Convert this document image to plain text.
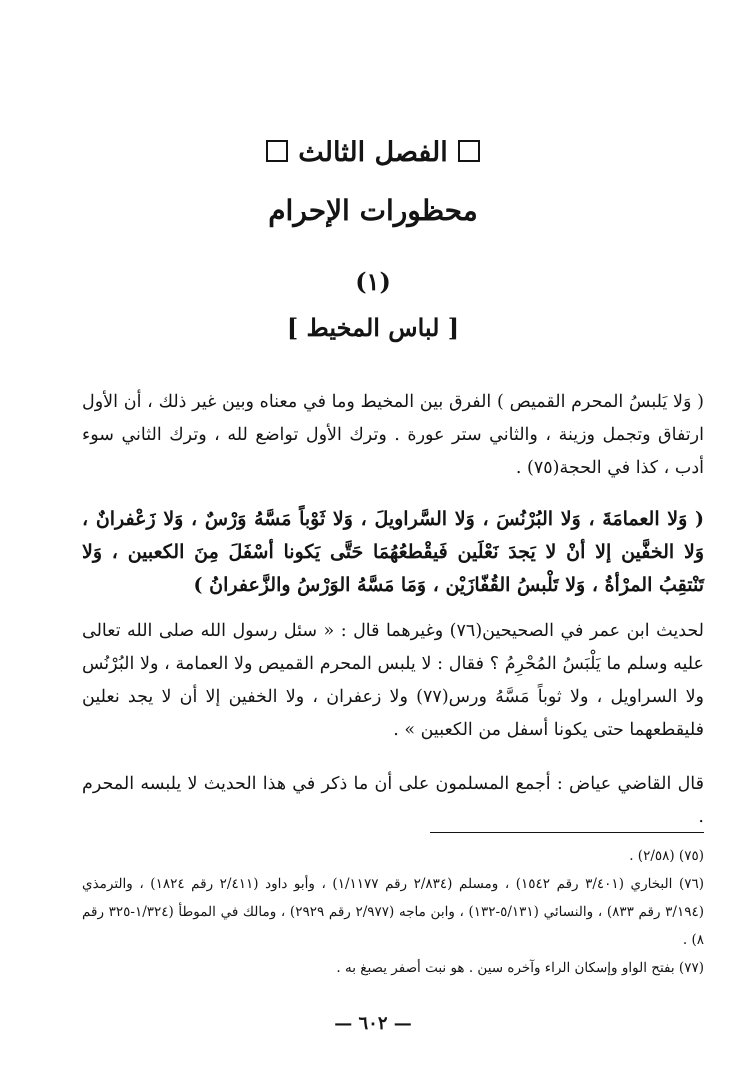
الفصل الثالث
محظورات الإحرام
(١)
[ لباس المخيط ]

( وَلا يَلبسُ المحرم القميص ) الفرق بين المخيط وما في معناه وبين غير ذلك ، أن الأول ارتفاق وتجمل وزينة ، والثاني ستر عورة . وترك الأول تواضع لله ، وترك الثاني سوء أدب ، كذا في الحجة(٧٥) .

( وَلا العمامَةَ ، وَلا البُرْنُسَ ، وَلا السَّراويلَ ، وَلا ثَوْباً مَسَّهُ وَرْسٌ ، وَلا زَعْفرانٌ ، وَلا الخفَّين إلا أنْ لا يَجدَ نَعْلَين فَيقْطعُهُمَا حَتَّى يَكونا أسْفَلَ مِنَ الكعبين ، وَلا تَنْتقِبُ المرْأةُ ، وَلا تَلْبسُ القُفّازَيْن ، وَمَا مَسَّهُ الوَرْسُ والزَّعفرانُ )

لحديث ابن عمر في الصحيحين(٧٦) وغيرهما قال : « سئل رسول الله صلى الله تعالى عليه وسلم ما يَلْبَسُ المُحْرِمُ ؟ فقال : لا يلبس المحرم القميص ولا العمامة ، ولا البُرْنُس ولا السراويل ، ولا ثوباً مَسَّهُ ورس(٧٧) ولا زعفران ، ولا الخفين إلا أن لا يجد نعلين فليقطعهما حتى يكونا أسفل من الكعبين » .

قال القاضي عياض : أجمع المسلمون على أن ما ذكر في هذا الحديث لا يلبسه المحرم .

(٧٥) (٢/٥٨) .

(٧٦) البخاري (٣/٤٠١ رقم ١٥٤٢) ، ومسلم (٢/٨٣٤ رقم ١/١١٧٧) ، وأبو داود (٢/٤١١ رقم ١٨٢٤) ، والترمذي (٣/١٩٤ رقم ٨٣٣) ، والنسائي (٥/١٣١-١٣٢) ، وابن ماجه (٢/٩٧٧ رقم ٢٩٢٩) ، ومالك في الموطأ (١/٣٢٤-٣٢٥ رقم ٨) .

(٧٧) بفتح الواو وإسكان الراء وآخره سين . هو نبت أصفر يصبغ به .

— ٦٠٢ —
